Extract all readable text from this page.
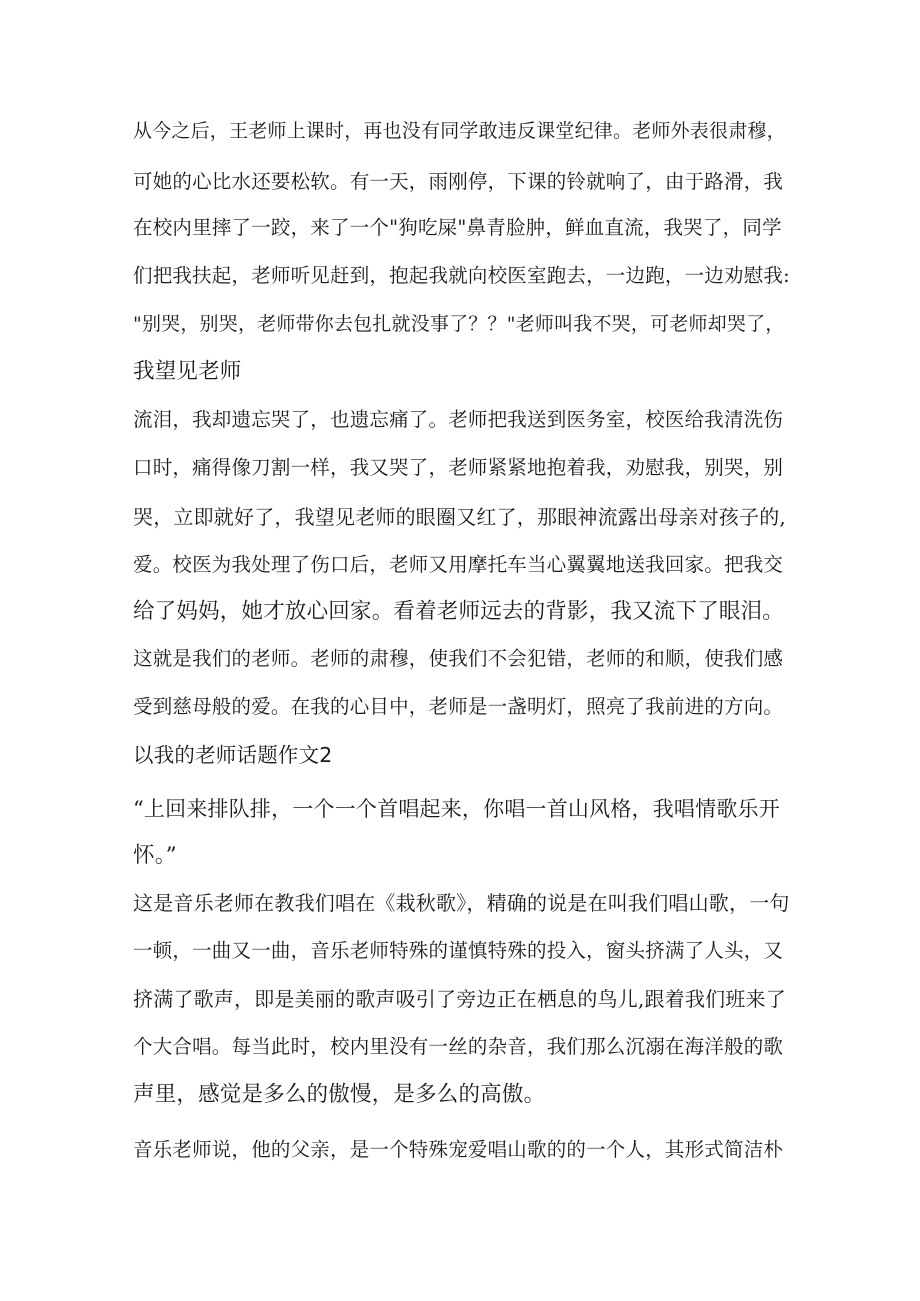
从今之后，王老师上课时，再也没有同学敢违反课堂纪律。老师外表很肃穆，
可她的心比水还要松软。有一天，雨刚停，下课的铃就响了，由于路滑，我
在校内里摔了一跤，来了一个"狗吃屎"鼻青脸肿，鲜血直流，我哭了，同学
们把我扶起，老师听见赶到，抱起我就向校医室跑去，一边跑，一边劝慰我:
"别哭，别哭，老师带你去包扎就没事了？？"老师叫我不哭，可老师却哭了，
我望见老师
流泪，我却遗忘哭了，也遗忘痛了。老师把我送到医务室，校医给我清洗伤
口时，痛得像刀割一样，我又哭了，老师紧紧地抱着我，劝慰我，别哭，别
哭，立即就好了，我望见老师的眼圈又红了，那眼神流露出母亲对孩子的,
爱。校医为我处理了伤口后，老师又用摩托车当心翼翼地送我回家。把我交
给了妈妈，她才放心回家。看着老师远去的背影，我又流下了眼泪。
这就是我们的老师。老师的肃穆，使我们不会犯错，老师的和顺，使我们感
受到慈母般的爱。在我的心目中，老师是一盏明灯，照亮了我前进的方向。
以我的老师话题作文2
“上回来排队排，一个一个首唱起来，你唱一首山风格，我唱情歌乐开
怀。”
这是音乐老师在教我们唱在《栽秋歌》，精确的说是在叫我们唱山歌，一句
一顿，一曲又一曲，音乐老师特殊的谨慎特殊的投入，窗头挤满了人头，又
挤满了歌声，即是美丽的歌声吸引了旁边正在栖息的鸟儿,跟着我们班来了
个大合唱。每当此时，校内里没有一丝的杂音，我们那么沉溺在海洋般的歌
声里，感觉是多么的傲慢，是多么的高傲。
音乐老师说，他的父亲，是一个特殊宠爱唱山歌的的一个人，其形式简洁朴
